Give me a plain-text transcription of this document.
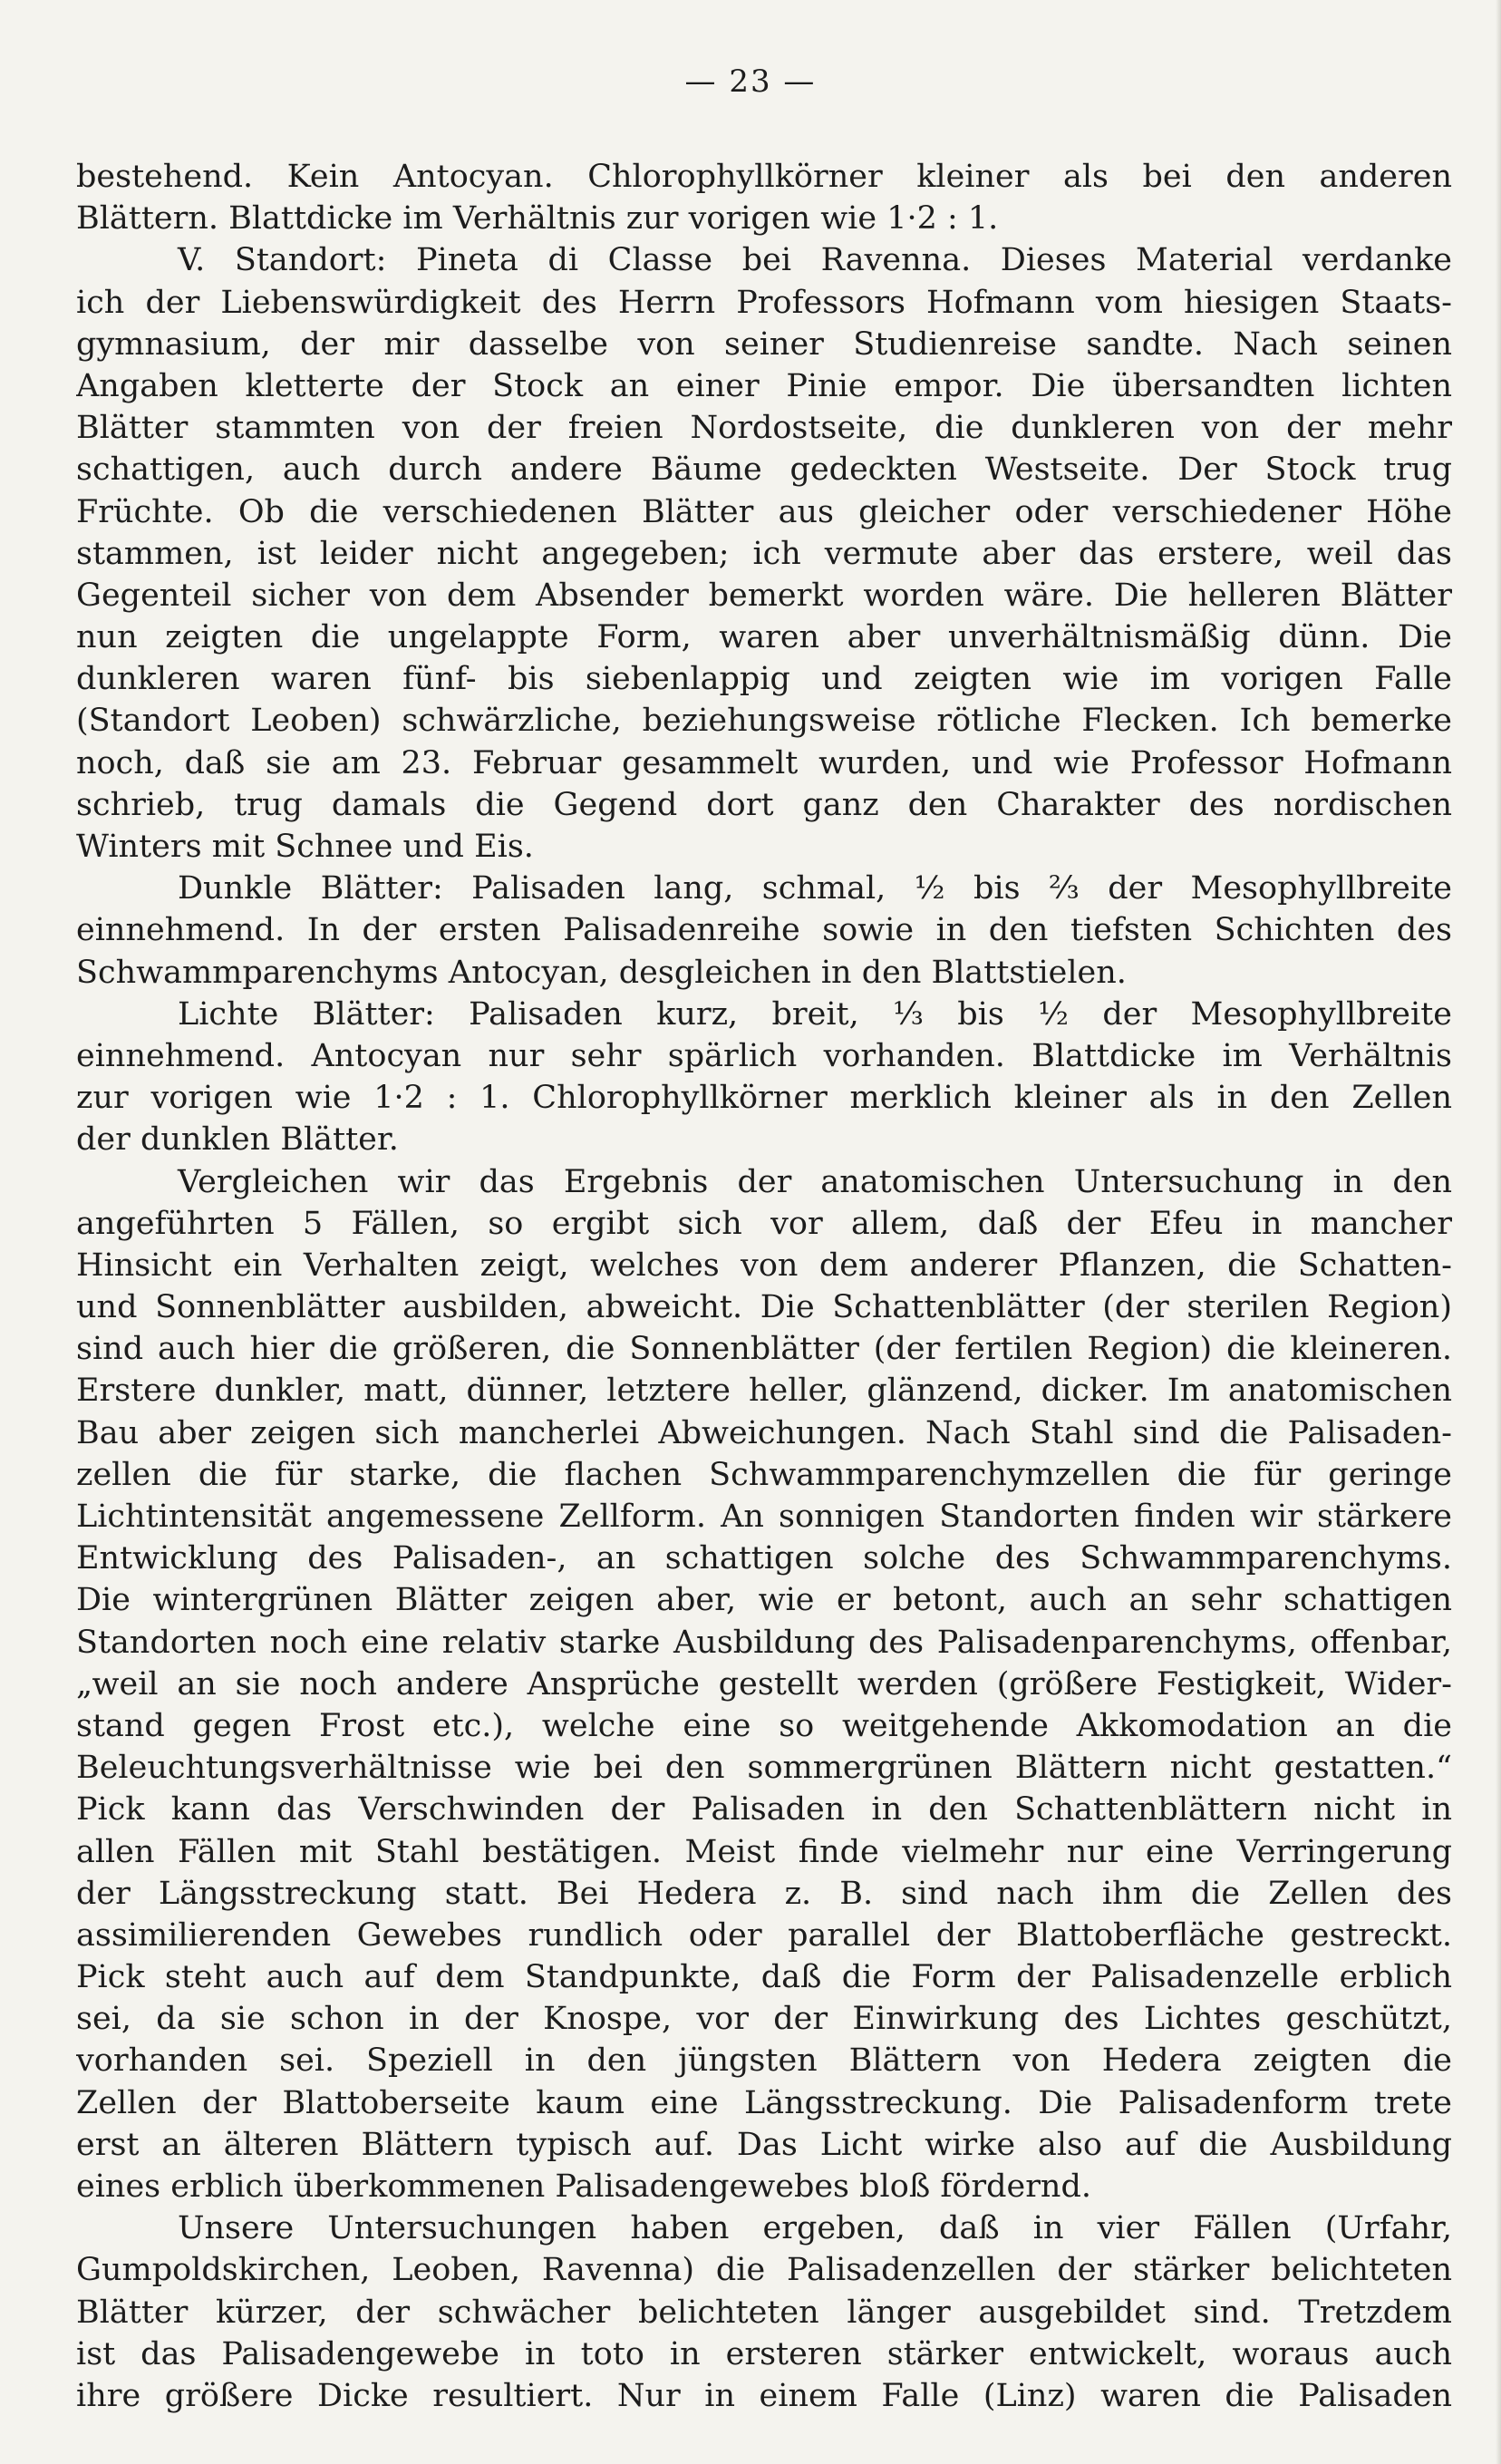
— 23 —
bestehend. Kein Antocyan. Chlorophyllkörner kleiner als bei den anderen
Blättern. Blattdicke im Verhältnis zur vorigen wie 1·2 : 1.
V. Standort: Pineta di Classe bei Ravenna. Dieses Material verdanke
ich der Liebenswürdigkeit des Herrn Professors Hofmann vom hiesigen Staats-
gymnasium, der mir dasselbe von seiner Studienreise sandte. Nach seinen
Angaben kletterte der Stock an einer Pinie empor. Die übersandten lichten
Blätter stammten von der freien Nordostseite, die dunkleren von der mehr
schattigen, auch durch andere Bäume gedeckten Westseite. Der Stock trug
Früchte. Ob die verschiedenen Blätter aus gleicher oder verschiedener Höhe
stammen, ist leider nicht angegeben; ich vermute aber das erstere, weil das
Gegenteil sicher von dem Absender bemerkt worden wäre. Die helleren Blätter
nun zeigten die ungelappte Form, waren aber unverhältnismäßig dünn. Die
dunkleren waren fünf- bis siebenlappig und zeigten wie im vorigen Falle
(Standort Leoben) schwärzliche, beziehungsweise rötliche Flecken. Ich bemerke
noch, daß sie am 23. Februar gesammelt wurden, und wie Professor Hofmann
schrieb, trug damals die Gegend dort ganz den Charakter des nordischen
Winters mit Schnee und Eis.
Dunkle Blätter: Palisaden lang, schmal, ½ bis ⅔ der Mesophyllbreite
einnehmend. In der ersten Palisadenreihe sowie in den tiefsten Schichten des
Schwammparenchyms Antocyan, desgleichen in den Blattstielen.
Lichte Blätter: Palisaden kurz, breit, ⅓ bis ½ der Mesophyllbreite
einnehmend. Antocyan nur sehr spärlich vorhanden. Blattdicke im Verhältnis
zur vorigen wie 1·2 : 1. Chlorophyllkörner merklich kleiner als in den Zellen
der dunklen Blätter.
Vergleichen wir das Ergebnis der anatomischen Untersuchung in den
angeführten 5 Fällen, so ergibt sich vor allem, daß der Efeu in mancher
Hinsicht ein Verhalten zeigt, welches von dem anderer Pflanzen, die Schatten-
und Sonnenblätter ausbilden, abweicht. Die Schattenblätter (der sterilen Region)
sind auch hier die größeren, die Sonnenblätter (der fertilen Region) die kleineren.
Erstere dunkler, matt, dünner, letztere heller, glänzend, dicker. Im anatomischen
Bau aber zeigen sich mancherlei Abweichungen. Nach Stahl sind die Palisaden-
zellen die für starke, die flachen Schwammparenchymzellen die für geringe
Lichtintensität angemessene Zellform. An sonnigen Standorten finden wir stärkere
Entwicklung des Palisaden-, an schattigen solche des Schwammparenchyms.
Die wintergrünen Blätter zeigen aber, wie er betont, auch an sehr schattigen
Standorten noch eine relativ starke Ausbildung des Palisadenparenchyms, offenbar,
„weil an sie noch andere Ansprüche gestellt werden (größere Festigkeit, Wider-
stand gegen Frost etc.), welche eine so weitgehende Akkomodation an die
Beleuchtungsverhältnisse wie bei den sommergrünen Blättern nicht gestatten.“
Pick kann das Verschwinden der Palisaden in den Schattenblättern nicht in
allen Fällen mit Stahl bestätigen. Meist finde vielmehr nur eine Verringerung
der Längsstreckung statt. Bei Hedera z. B. sind nach ihm die Zellen des
assimilierenden Gewebes rundlich oder parallel der Blattoberfläche gestreckt.
Pick steht auch auf dem Standpunkte, daß die Form der Palisadenzelle erblich
sei, da sie schon in der Knospe, vor der Einwirkung des Lichtes geschützt,
vorhanden sei. Speziell in den jüngsten Blättern von Hedera zeigten die
Zellen der Blattoberseite kaum eine Längsstreckung. Die Palisadenform trete
erst an älteren Blättern typisch auf. Das Licht wirke also auf die Ausbildung
eines erblich überkommenen Palisadengewebes bloß fördernd.
Unsere Untersuchungen haben ergeben, daß in vier Fällen (Urfahr,
Gumpoldskirchen, Leoben, Ravenna) die Palisadenzellen der stärker belichteten
Blätter kürzer, der schwächer belichteten länger ausgebildet sind. Tretzdem
ist das Palisadengewebe in toto in ersteren stärker entwickelt, woraus auch
ihre größere Dicke resultiert. Nur in einem Falle (Linz) waren die Palisaden
